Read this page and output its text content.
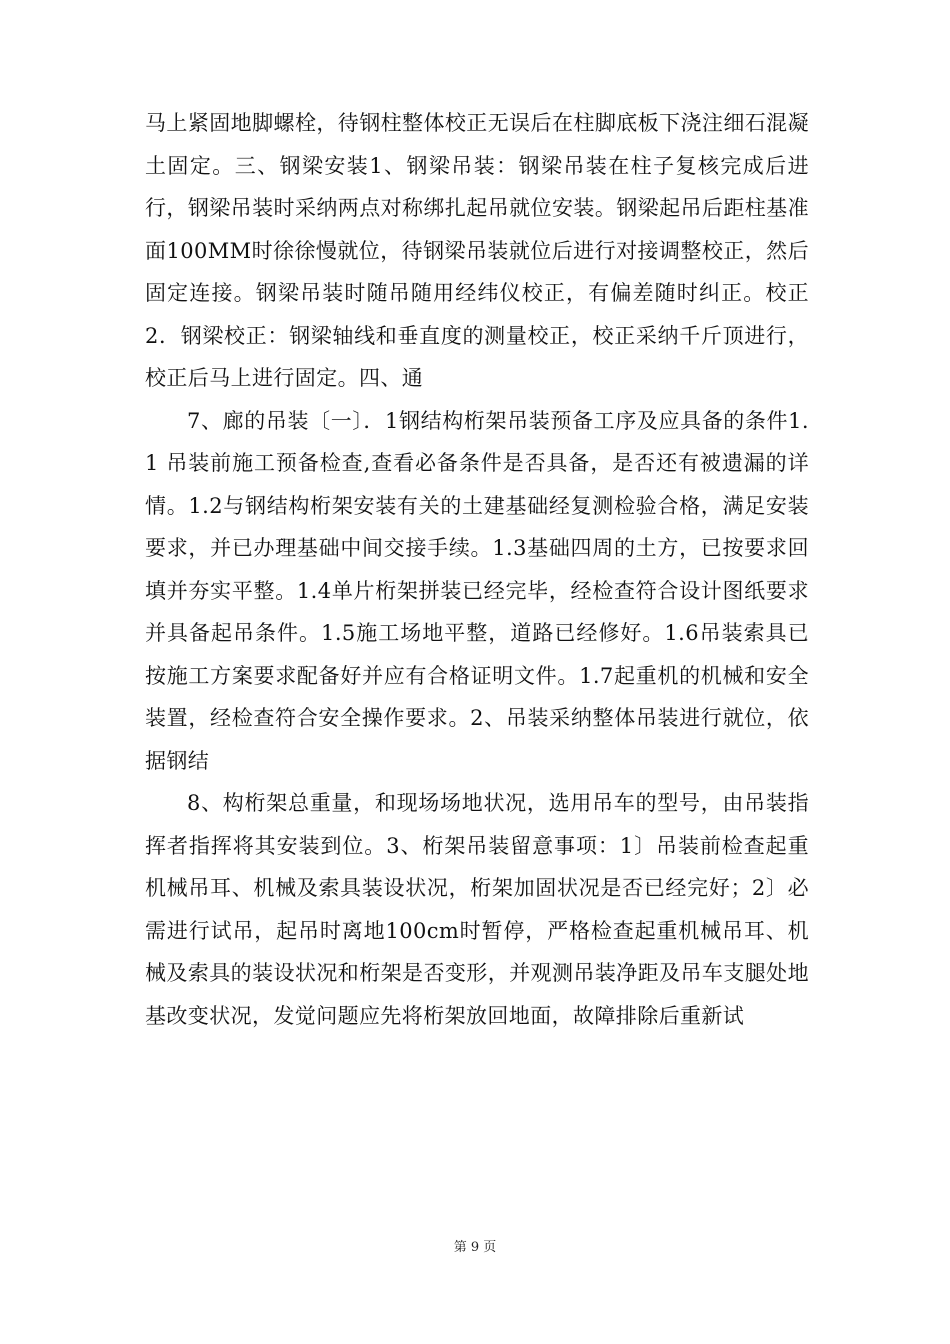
马上紧固地脚螺栓，待钢柱整体校正无误后在柱脚底板下浇注细石混凝土固定。三、钢梁安装1、钢梁吊装：钢梁吊装在柱子复核完成后进行，钢梁吊装时采纳两点对称绑扎起吊就位安装。钢梁起吊后距柱基准面100MM时徐徐慢就位，待钢梁吊装就位后进行对接调整校正，然后固定连接。钢梁吊装时随吊随用经纬仪校正，有偏差随时纠正。校正　2．钢梁校正：钢梁轴线和垂直度的测量校正，校正采纳千斤顶进行，校正后马上进行固定。四、通

7、廊的吊装〔一〕．1钢结构桁架吊装预备工序及应具备的条件1.1 吊装前施工预备检查,查看必备条件是否具备，是否还有被遗漏的详情。1.2与钢结构桁架安装有关的土建基础经复测检验合格，满足安装要求，并已办理基础中间交接手续。1.3基础四周的土方，已按要求回填并夯实平整。1.4单片桁架拼装已经完毕，经检查符合设计图纸要求并具备起吊条件。1.5施工场地平整，道路已经修好。1.6吊装索具已按施工方案要求配备好并应有合格证明文件。1.7起重机的机械和安全装置，经检查符合安全操作要求。2、吊装采纳整体吊装进行就位，依据钢结

8、构桁架总重量，和现场场地状况，选用吊车的型号，由吊装指挥者指挥将其安装到位。3、桁架吊装留意事项：1〕吊装前检查起重机械吊耳、机械及索具装设状况，桁架加固状况是否已经完好；2〕必需进行试吊，起吊时离地100cm时暂停，严格检查起重机械吊耳、机械及索具的装设状况和桁架是否变形，并观测吊装净距及吊车支腿处地基改变状况，发觉问题应先将桁架放回地面，故障排除后重新试

第 9 页
